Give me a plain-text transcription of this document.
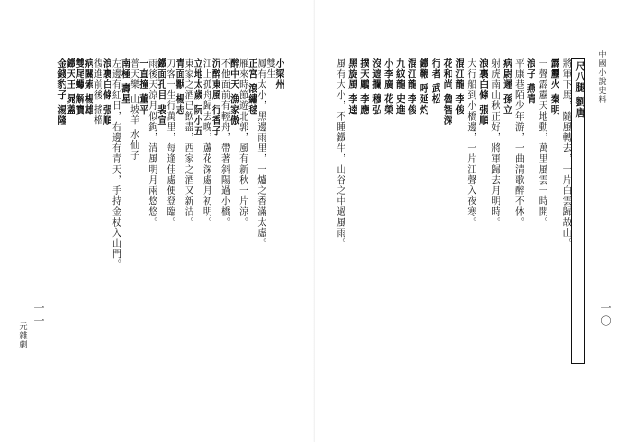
元雜劇
一一
小梁州
雙生
鳳有太小，黑邊雨里，一爐之香滿太虛。
正宮 滾繡毬
雁來時節遊北郭，風有新秋一片涼。
醉中天 漁家傲
不他面前有輕舟，帶著斜陽過小橋。
沉醉東風 行香子
江上孤舟歸去晚，蘆花深處月初明。
立地太歲 阮小五
東家之酒已飲盡，西家之酒又新沽。
青面獸 楊志
刀客一生行萬里，每逢佳處便登臨。
鐵面孔目 裴宣
雨後天涼月似鉤，清風明月兩悠悠。
一直撞 董平
普天樂 山坡羊 水仙子
南極 壽星
左邊有紅日，右邊有青天，手持金杖入山門。
浪裏白條 張順
復進前後 搖櫓
病關索 楊雄
雙尾蠍 解寶
鐵天王 晁蓋
金錢豹子 湯隆	中國小說史料
一〇
尺八腿 劉唐
將軍下馬，隨風轉去，一片白雲歸故山。
霹靂火 秦明
一聲霹靂天地動，萬里風雲一時開。
浪子 燕青
平康巷陌少年游，一曲清歌醉不休。
病尉遲 孫立
射虎南山秋正好，將軍歸去月明時。
浪裏白條 張順
大行船到小橋邊，一片江聲入夜寒。
混江龍 李俊
花和尚 魯智深
行者 武松
鐵鞭 呼延灼
混江龍 李俊
九紋龍 史進
小李廣 花榮
沒遮攔 穆弘
撲天鵰 李應
黑旋風 李逵
風有大小，不睡鐵牛，山谷之中過風雨。
